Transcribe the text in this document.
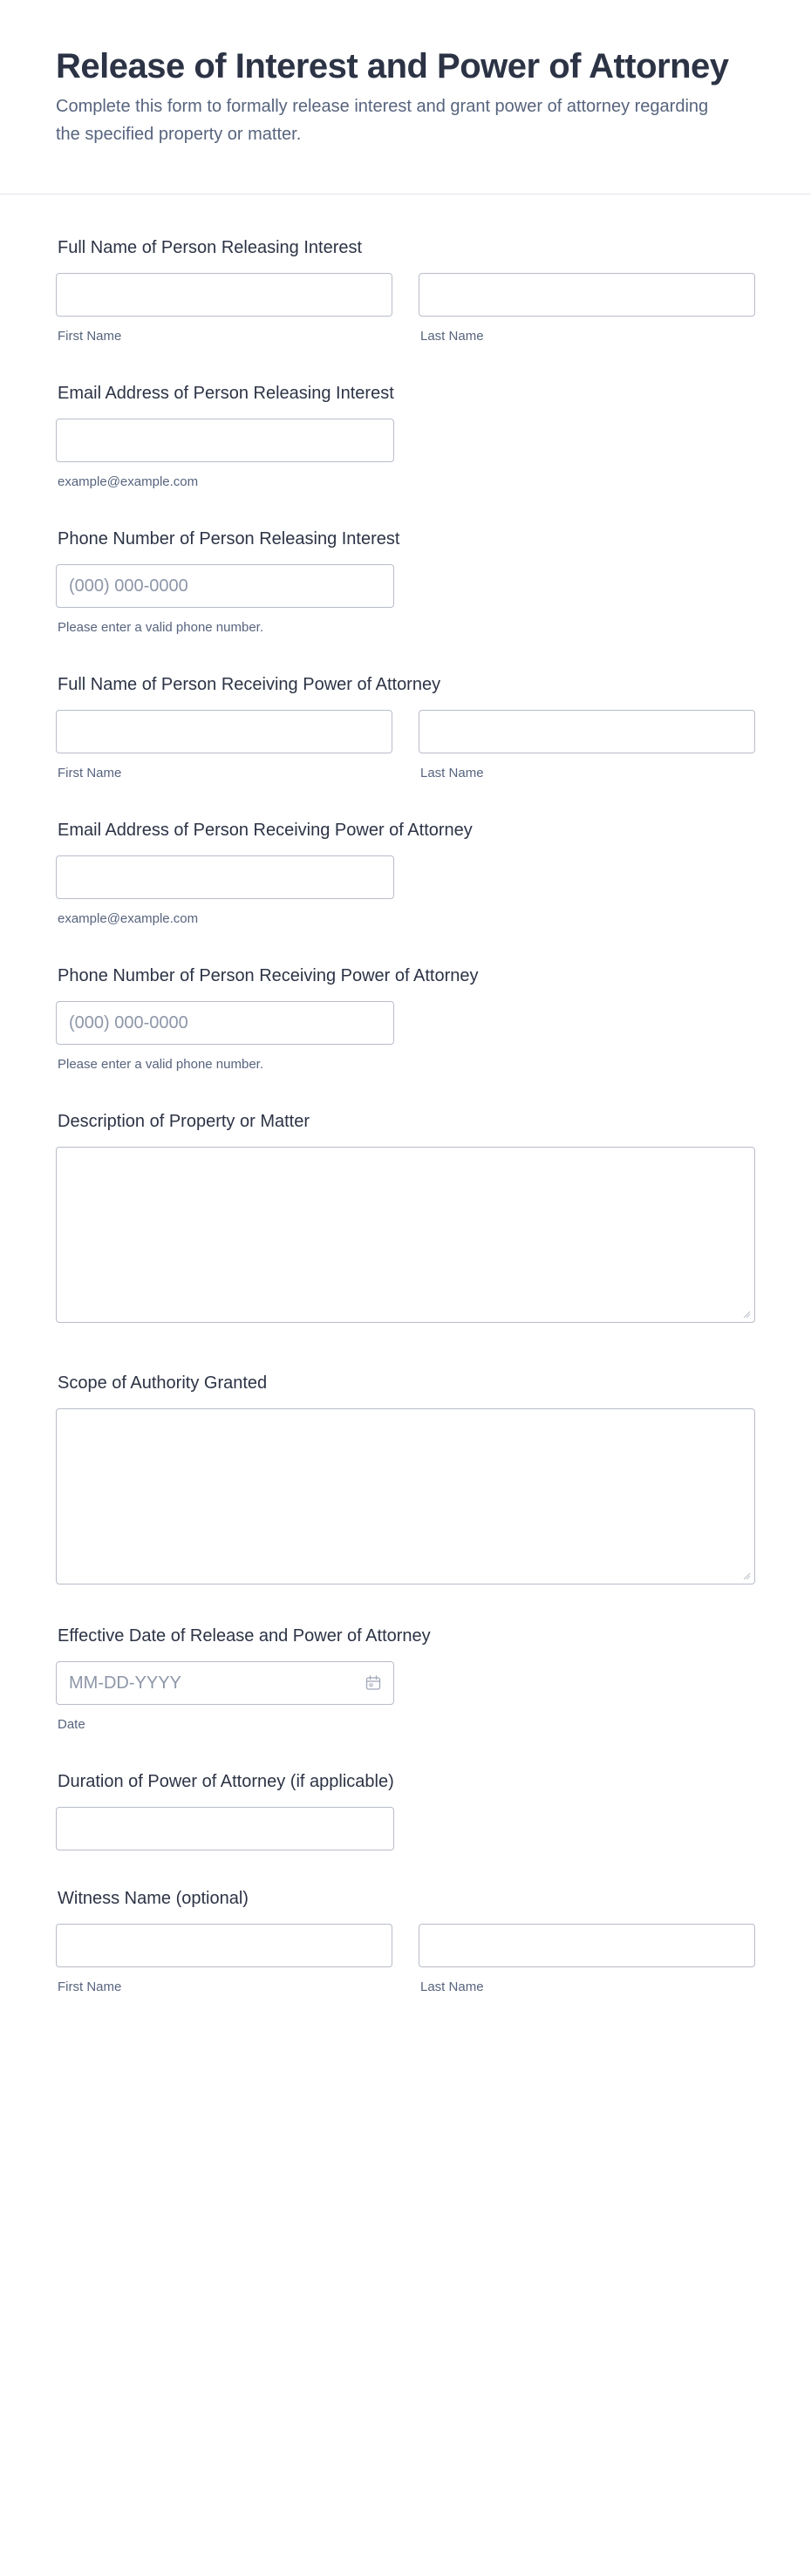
Release of Interest and Power of Attorney

Complete this form to formally release interest and grant power of attorney regarding the specified property or matter.

Full Name of Person Releasing Interest
First Name	Last Name
Email Address of Person Releasing Interest
example@example.com
Phone Number of Person Releasing Interest
(000) 000-0000
Please enter a valid phone number.
Full Name of Person Receiving Power of Attorney
First Name	Last Name
Email Address of Person Receiving Power of Attorney
example@example.com
Phone Number of Person Receiving Power of Attorney
(000) 000-0000
Please enter a valid phone number.
Description of Property or Matter
Scope of Authority Granted
Effective Date of Release and Power of Attorney
MM-DD-YYYY
Date
Duration of Power of Attorney (if applicable)
Witness Name (optional)
First Name	Last Name
